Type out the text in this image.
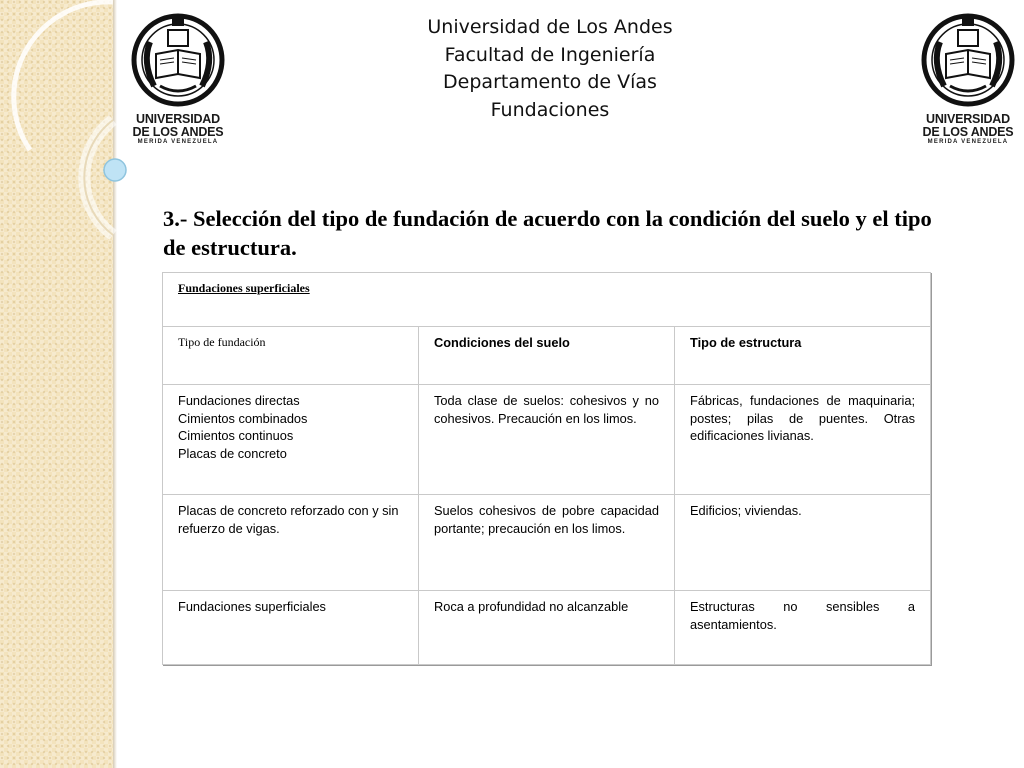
UNIVERSIDAD
DE LOS ANDES
MERIDA VENEZUELA
UNIVERSIDAD
DE LOS ANDES
MERIDA VENEZUELA
Universidad de Los Andes
Facultad de Ingeniería
Departamento de Vías
Fundaciones
3.- Selección del tipo de fundación de acuerdo con la condición del suelo y el tipo de estructura.
Fundaciones superficiales		
Tipo de fundación	Condiciones del suelo	Tipo de estructura

Fundaciones directas
Cimientos combinados
Cimientos continuos
Placas de concreto	Toda clase de suelos: cohesivos y no cohesivos. Precaución en los limos.	Fábricas, fundaciones de maquinaria; postes; pilas de puentes. Otras edificaciones livianas.

Placas de concreto reforzado con y sin refuerzo de vigas.	Suelos cohesivos de pobre capacidad portante; precaución en los limos.	Edificios; viviendas.

Fundaciones superficiales	Roca a profundidad no alcanzable	Estructuras no sensibles a asentamientos.
